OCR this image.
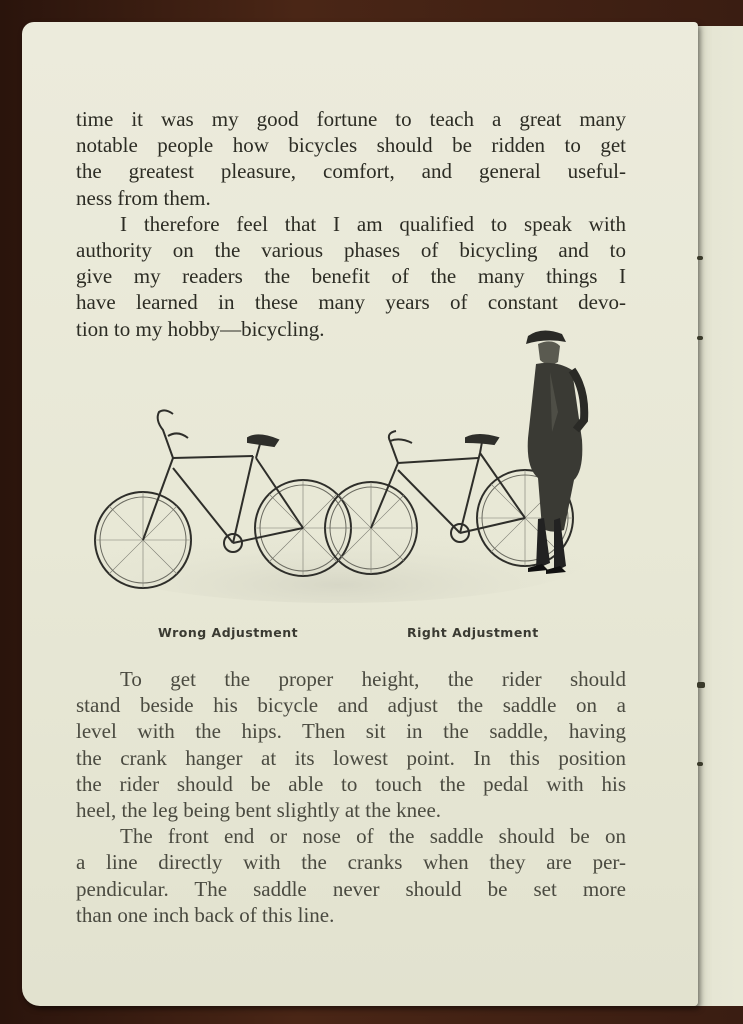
time it was my good fortune to teach a great many
notable people how bicycles should be ridden to get
the greatest pleasure, comfort, and general useful-
ness from them.
I therefore feel that I am qualified to speak with
authority on the various phases of bicycling and to
give my readers the benefit of the many things I
have learned in these many years of constant devo-
tion to my hobby—bicycling.
Wrong Adjustment	Right Adjustment
To get the proper height, the rider should
stand beside his bicycle and adjust the saddle on a
level with the hips. Then sit in the saddle, having
the crank hanger at its lowest point. In this position
the rider should be able to touch the pedal with his
heel, the leg being bent slightly at the knee.
The front end or nose of the saddle should be on
a line directly with the cranks when they are per-
pendicular. The saddle never should be set more
than one inch back of this line.
